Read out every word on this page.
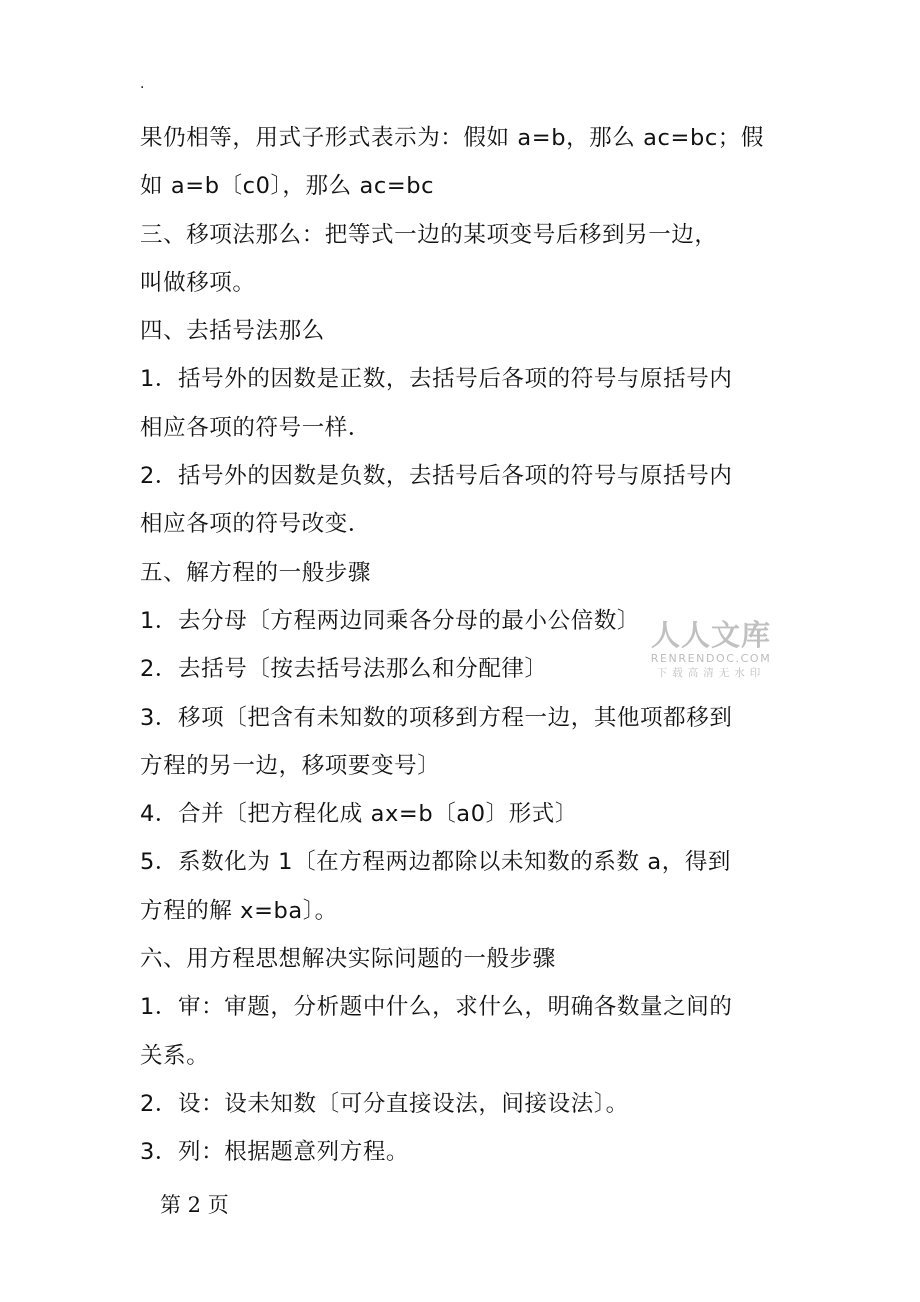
.
果仍相等，用式子形式表示为：假如 a=b，那么 ac=bc；假
如 a=b〔c0〕，那么 ac=bc
三、移项法那么：把等式一边的某项变号后移到另一边，
叫做移项。
四、去括号法那么
1．括号外的因数是正数，去括号后各项的符号与原括号内
相应各项的符号一样．
2．括号外的因数是负数，去括号后各项的符号与原括号内
相应各项的符号改变．
五、解方程的一般步骤
1．去分母〔方程两边同乘各分母的最小公倍数〕
2．去括号〔按去括号法那么和分配律〕
3．移项〔把含有未知数的项移到方程一边，其他项都移到
方程的另一边，移项要变号〕
4．合并〔把方程化成 ax=b〔a0〕形式〕
5．系数化为 1〔在方程两边都除以未知数的系数 a，得到
方程的解 x=ba〕。
六、用方程思想解决实际问题的一般步骤
1．审：审题，分析题中什么，求什么，明确各数量之间的
关系。
2．设：设未知数〔可分直接设法，间接设法〕。
3．列：根据题意列方程。
人人文库
RENRENDOC.COM
下载高清无水印
第 2 页
